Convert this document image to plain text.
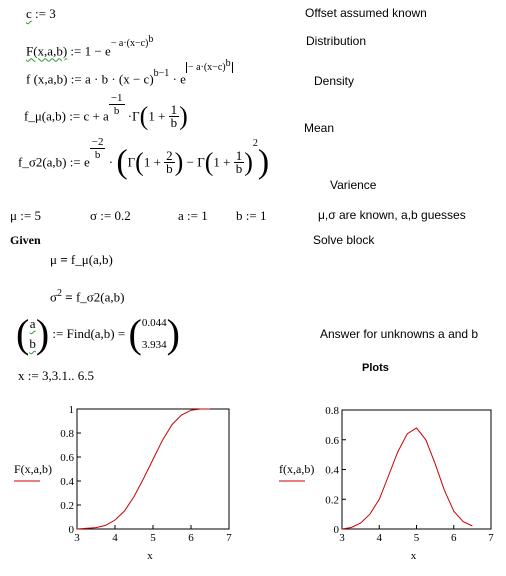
c := 3	Offset assumed known
F(x,a,b) := $1 - e^{- a\cdot(x-c)^b}$	Distribution
f (x,a,b) := $a \cdot b \cdot (x - c)^{b-1} \cdot e^{- a\cdot(x-c)^b}$
Density
f_μ(a,b) := c + a $\frac{-1}{b} \cdot\Gamma(1 + \frac{1}{b}$ )	Mean
f_σ2(a,b) := e
$\frac{-2}{b}$
· ($\Gamma(1 + \frac{2}{b}$ ) − $\Gamma(1 + \frac{1}{b} )^2$)
Varience
μ := 5	σ := 0.2	a := 1 b := 1	μ,σ are known, a,b guesses
Given	Solve block
μ = f_μ(a,b)
$\sigma^2$ = f_σ2(a,b)
( $\frac{a}{b}$ ) := Find(a,b) = ( 0.044
3.934 )	Answer for unknowns a and b
x := 3,3.1.. 6.5	Plots
3	4	5	6	7
0
0.2
0.4
0.6
0.8
1
x
F(x,a,b)
3	4	5	6	7
0
0.2
0.4
0.6
0.8
x
f(x,a,b)
